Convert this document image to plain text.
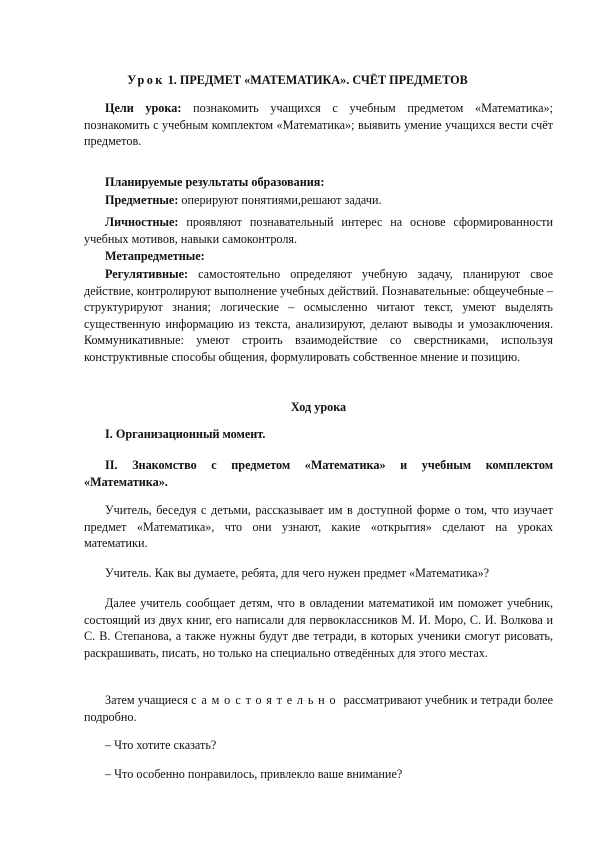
Урок 1. ПРЕДМЕТ «МАТЕМАТИКА». СЧЁТ ПРЕДМЕТОВ

Цели урока: познакомить учащихся с учебным предметом «Математика»; познакомить с учебным комплектом «Математика»; выявить умение учащихся вести счёт предметов.

Планируемые результаты образования:

Предметные: оперируют понятиями,решают задачи.

Личностные: проявляют познавательный интерес на основе сформированности учебных мотивов, навыки самоконтроля.

Метапредметные:

Регулятивные: самостоятельно определяют учебную задачу, планируют свое действие, контролируют выполнение учебных действий. Познавательные: общеучебные – структурируют знания; логические – осмысленно читают текст, умеют выделять существенную информацию из текста, анализируют, делают выводы и умозаключения. Коммуникативные: умеют строить взаимодействие со сверстниками, используя конструктивные способы общения, формулировать собственное мнение и позицию.

Ход урока

I. Организационный момент.

II. Знакомство с предметом «Математика» и учебным комплектом «Математика».

Учитель, беседуя с детьми, рассказывает им в доступной форме о том, что изучает предмет «Математика», что они узнают, какие «открытия» сделают на уроках математики.

Учитель. Как вы думаете, ребята, для чего нужен предмет «Математика»?

Далее учитель сообщает детям, что в овладении математикой им поможет учебник, состоящий из двух книг, его написали для первоклассников М. И. Моро, С. И. Волкова и С. В. Степанова, а также нужны будут две тетради, в которых ученики смогут рисовать, раскрашивать, писать, но только на специально отведённых для этого местах.

Затем учащиеся самостоятельно рассматривают учебник и тетради более подробно.

– Что хотите сказать?

– Что особенно понравилось, привлекло ваше внимание?
